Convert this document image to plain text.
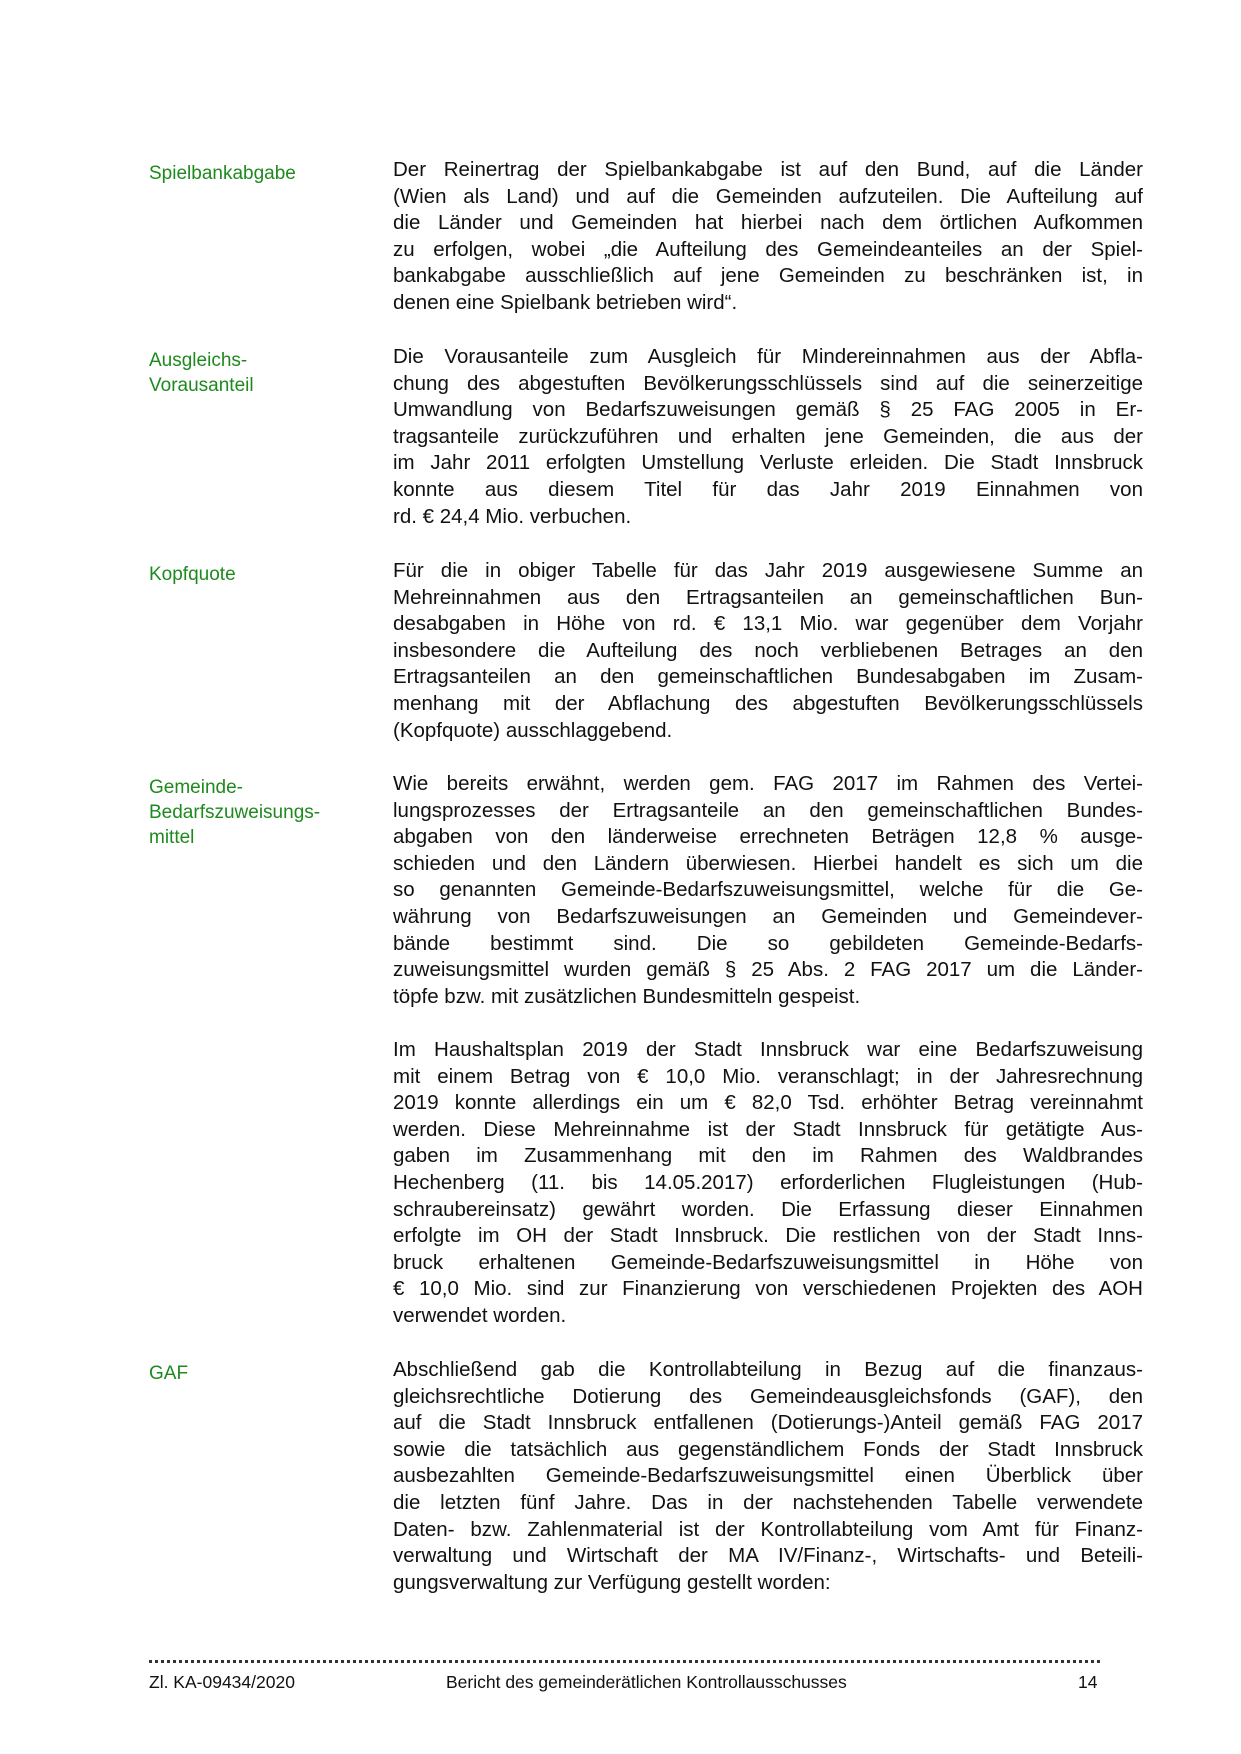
Spielbankabgabe	Der Reinertrag der Spielbankabgabe ist auf den Bund, auf die Länder
(Wien als Land) und auf die Gemeinden aufzuteilen. Die Aufteilung auf
die Länder und Gemeinden hat hierbei nach dem örtlichen Aufkommen
zu erfolgen, wobei „die Aufteilung des Gemeindeanteiles an der Spiel-
bankabgabe ausschließlich auf jene Gemeinden zu beschränken ist, in
denen eine Spielbank betrieben wird“.
Ausgleichs-
Vorausanteil
Die Vorausanteile zum Ausgleich für Mindereinnahmen aus der Abfla-
chung des abgestuften Bevölkerungsschlüssels sind auf die seinerzeitige
Umwandlung von Bedarfszuweisungen gemäß § 25 FAG 2005 in Er-
tragsanteile zurückzuführen und erhalten jene Gemeinden, die aus der
im Jahr 2011 erfolgten Umstellung Verluste erleiden. Die Stadt Innsbruck
konnte aus diesem Titel für das Jahr 2019 Einnahmen von
rd. € 24,4 Mio. verbuchen.
Kopfquote	Für die in obiger Tabelle für das Jahr 2019 ausgewiesene Summe an
Mehreinnahmen aus den Ertragsanteilen an gemeinschaftlichen Bun-
desabgaben in Höhe von rd. € 13,1 Mio. war gegenüber dem Vorjahr
insbesondere die Aufteilung des noch verbliebenen Betrages an den
Ertragsanteilen an den gemeinschaftlichen Bundesabgaben im Zusam-
menhang mit der Abflachung des abgestuften Bevölkerungsschlüssels
(Kopfquote) ausschlaggebend.
Gemeinde-
Bedarfszuweisungs-
mittel
Wie bereits erwähnt, werden gem. FAG 2017 im Rahmen des Vertei-
lungsprozesses der Ertragsanteile an den gemeinschaftlichen Bundes-
abgaben von den länderweise errechneten Beträgen 12,8 % ausge-
schieden und den Ländern überwiesen. Hierbei handelt es sich um die
so genannten Gemeinde-Bedarfszuweisungsmittel, welche für die Ge-
währung von Bedarfszuweisungen an Gemeinden und Gemeindever-
bände bestimmt sind. Die so gebildeten Gemeinde-Bedarfs-
zuweisungsmittel wurden gemäß § 25 Abs. 2 FAG 2017 um die Länder-
töpfe bzw. mit zusätzlichen Bundesmitteln gespeist.
Im Haushaltsplan 2019 der Stadt Innsbruck war eine Bedarfszuweisung
mit einem Betrag von € 10,0 Mio. veranschlagt; in der Jahresrechnung
2019 konnte allerdings ein um € 82,0 Tsd. erhöhter Betrag vereinnahmt
werden. Diese Mehreinnahme ist der Stadt Innsbruck für getätigte Aus-
gaben im Zusammenhang mit den im Rahmen des Waldbrandes
Hechenberg (11. bis 14.05.2017) erforderlichen Flugleistungen (Hub-
schraubereinsatz) gewährt worden. Die Erfassung dieser Einnahmen
erfolgte im OH der Stadt Innsbruck. Die restlichen von der Stadt Inns-
bruck erhaltenen Gemeinde-Bedarfszuweisungsmittel in Höhe von
€ 10,0 Mio. sind zur Finanzierung von verschiedenen Projekten des AOH
verwendet worden.
GAF	Abschließend gab die Kontrollabteilung in Bezug auf die finanzaus-
gleichsrechtliche Dotierung des Gemeindeausgleichsfonds (GAF), den
auf die Stadt Innsbruck entfallenen (Dotierungs-)Anteil gemäß FAG 2017
sowie die tatsächlich aus gegenständlichem Fonds der Stadt Innsbruck
ausbezahlten Gemeinde-Bedarfszuweisungsmittel einen Überblick über
die letzten fünf Jahre. Das in der nachstehenden Tabelle verwendete
Daten- bzw. Zahlenmaterial ist der Kontrollabteilung vom Amt für Finanz-
verwaltung und Wirtschaft der MA IV/Finanz-, Wirtschafts- und Beteili-
gungsverwaltung zur Verfügung gestellt worden:
Zl. KA-09434/2020	Bericht des gemeinderätlichen Kontrollausschusses	14
